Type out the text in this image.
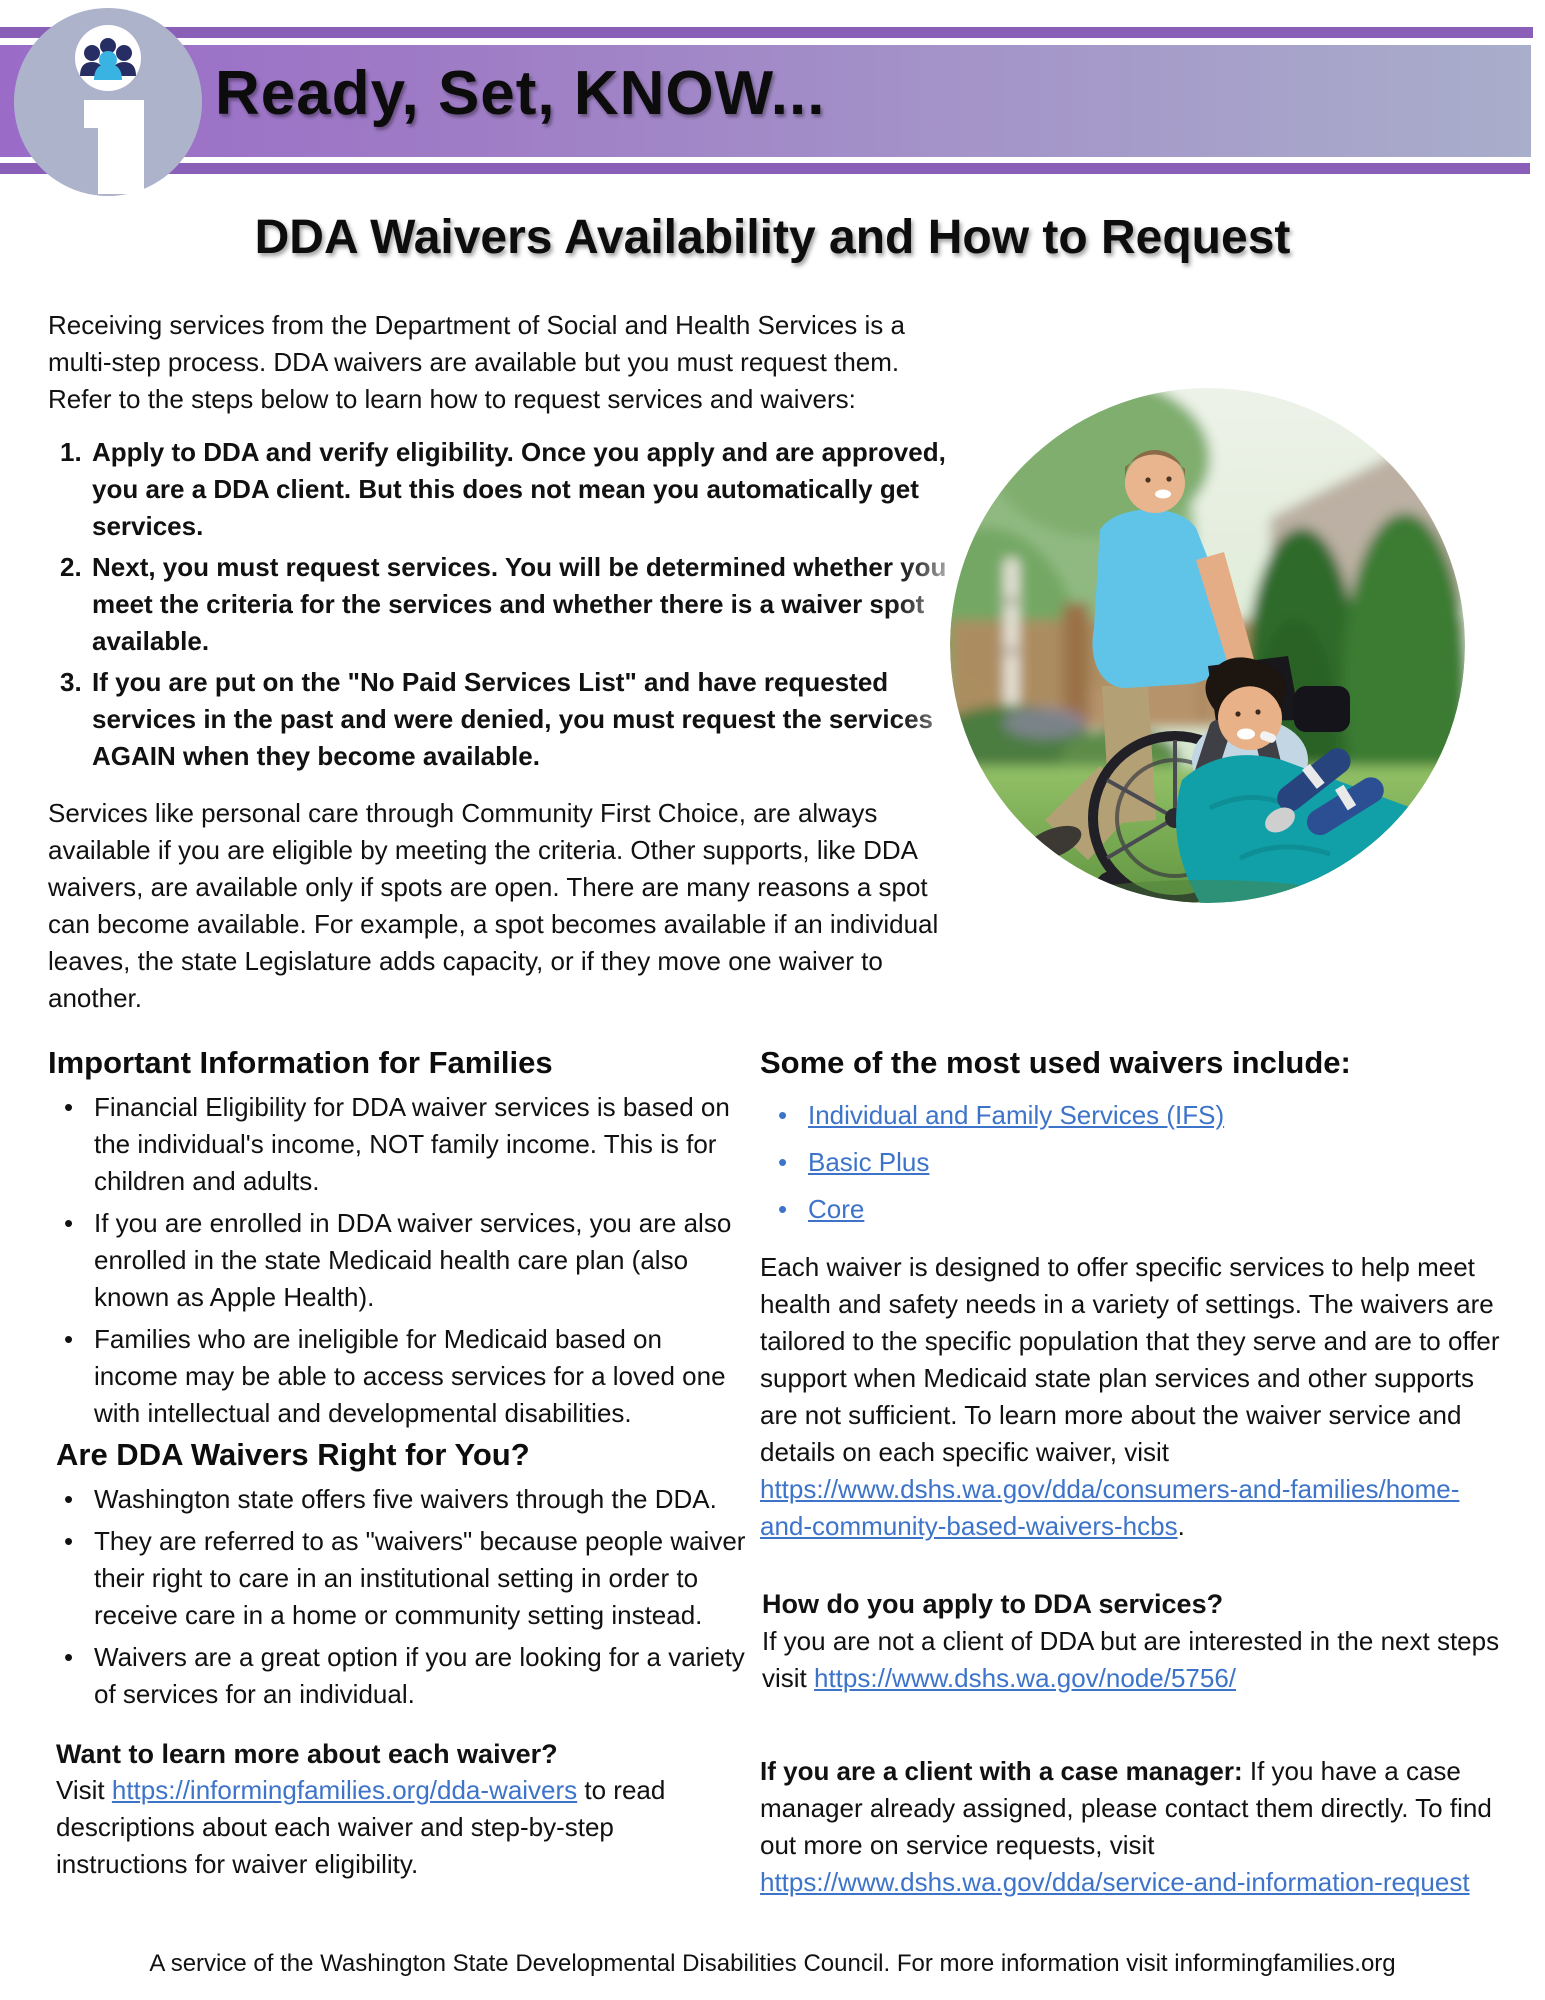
Ready, Set, KNOW...
DDA Waivers Availability and How to Request

Receiving services from the Department of Social and Health Services is a multi-step process. DDA waivers are available but you must request them. Refer to the steps below to learn how to request services and waivers:

Apply to DDA and verify eligibility. Once you apply and are approved, you are a DDA client. But this does not mean you automatically get services.
Next, you must request services. You will be determined whether you meet the criteria for the services and whether there is a waiver spot available.
If you are put on the "No Paid Services List" and have requested services in the past and were denied, you must request the services AGAIN when they become available.

Services like personal care through Community First Choice, are always available if you are eligible by meeting the criteria. Other supports, like DDA waivers, are available only if spots are open. There are many reasons a spot can become available. For example, a spot becomes available if an individual leaves, the state Legislature adds capacity, or if they move one waiver to another.

Important Information for Families
• Financial Eligibility for DDA waiver services is based on the individual's income, NOT family income. This is for children and adults.
• If you are enrolled in DDA waiver services, you are also enrolled in the state Medicaid health care plan (also known as Apple Health).
• Families who are ineligible for Medicaid based on income may be able to access services for a loved one with intellectual and developmental disabilities.
Are DDA Waivers Right for You?
• Washington state offers five waivers through the DDA.
• They are referred to as "waivers" because people waiver their right to care in an institutional setting in order to receive care in a home or community setting instead.
• Waivers are a great option if you are looking for a variety of services for an individual.
Want to learn more about each waiver?

Visit https://informingfamilies.org/dda-waivers to read descriptions about each waiver and step-by-step instructions for waiver eligibility.

Some of the most used waivers include:
• Individual and Family Services (IFS)
• Basic Plus
• Core

Each waiver is designed to offer specific services to help meet health and safety needs in a variety of settings. The waivers are tailored to the specific population that they serve and are to offer support when Medicaid state plan services and other supports are not sufficient. To learn more about the waiver service and details on each specific waiver, visit https://www.dshs.wa.gov/dda/consumers-and-families/home-and-community-based-waivers-hcbs.

How do you apply to DDA services?

If you are not a client of DDA but are interested in the next steps visit https://www.dshs.wa.gov/node/5756/

If you are a client with a case manager: If you have a case manager already assigned, please contact them directly. To find out more on service requests, visit https://www.dshs.wa.gov/dda/service-and-information-request

A service of the Washington State Developmental Disabilities Council. For more information visit informingfamilies.org
